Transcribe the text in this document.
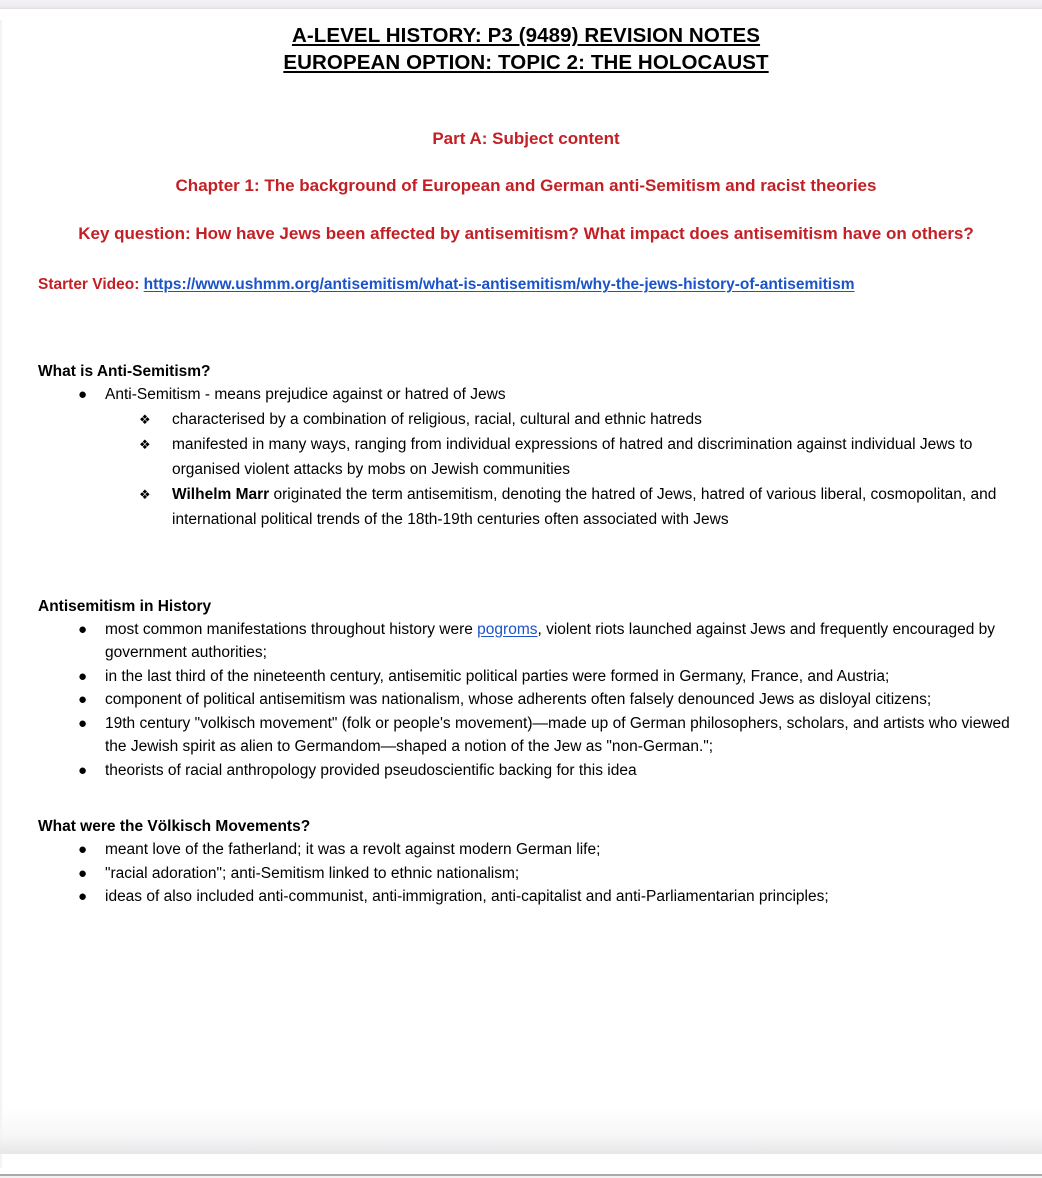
A-LEVEL HISTORY: P3 (9489) REVISION NOTES
EUROPEAN OPTION: TOPIC 2: THE HOLOCAUST
Part A: Subject content
Chapter 1: The background of European and German anti-Semitism and racist theories
Key question: How have Jews been affected by antisemitism? What impact does antisemitism have on others?
Starter Video: https://www.ushmm.org/antisemitism/what-is-antisemitism/why-the-jews-history-of-antisemitism
What is Anti-Semitism?
● Anti-Semitism - means prejudice against or hatred of Jews
❖ characterised by a combination of religious, racial, cultural and ethnic hatreds
❖ manifested in many ways, ranging from individual expressions of hatred and discrimination against individual Jews to organised violent attacks by mobs on Jewish communities
❖ Wilhelm Marr originated the term antisemitism, denoting the hatred of Jews, hatred of various liberal, cosmopolitan, and international political trends of the 18th-19th centuries often associated with Jews
Antisemitism in History
● most common manifestations throughout history were pogroms, violent riots launched against Jews and frequently encouraged by government authorities;
● in the last third of the nineteenth century, antisemitic political parties were formed in Germany, France, and Austria;
● component of political antisemitism was nationalism, whose adherents often falsely denounced Jews as disloyal citizens;
● 19th century "volkisch movement" (folk or people's movement)—made up of German philosophers, scholars, and artists who viewed the Jewish spirit as alien to Germandom—shaped a notion of the Jew as "non-German.";
● theorists of racial anthropology provided pseudoscientific backing for this idea
What were the Völkisch Movements?
● meant love of the fatherland; it was a revolt against modern German life;
● "racial adoration"; anti-Semitism linked to ethnic nationalism;
● ideas of also included anti-communist, anti-immigration, anti-capitalist and anti-Parliamentarian principles;
